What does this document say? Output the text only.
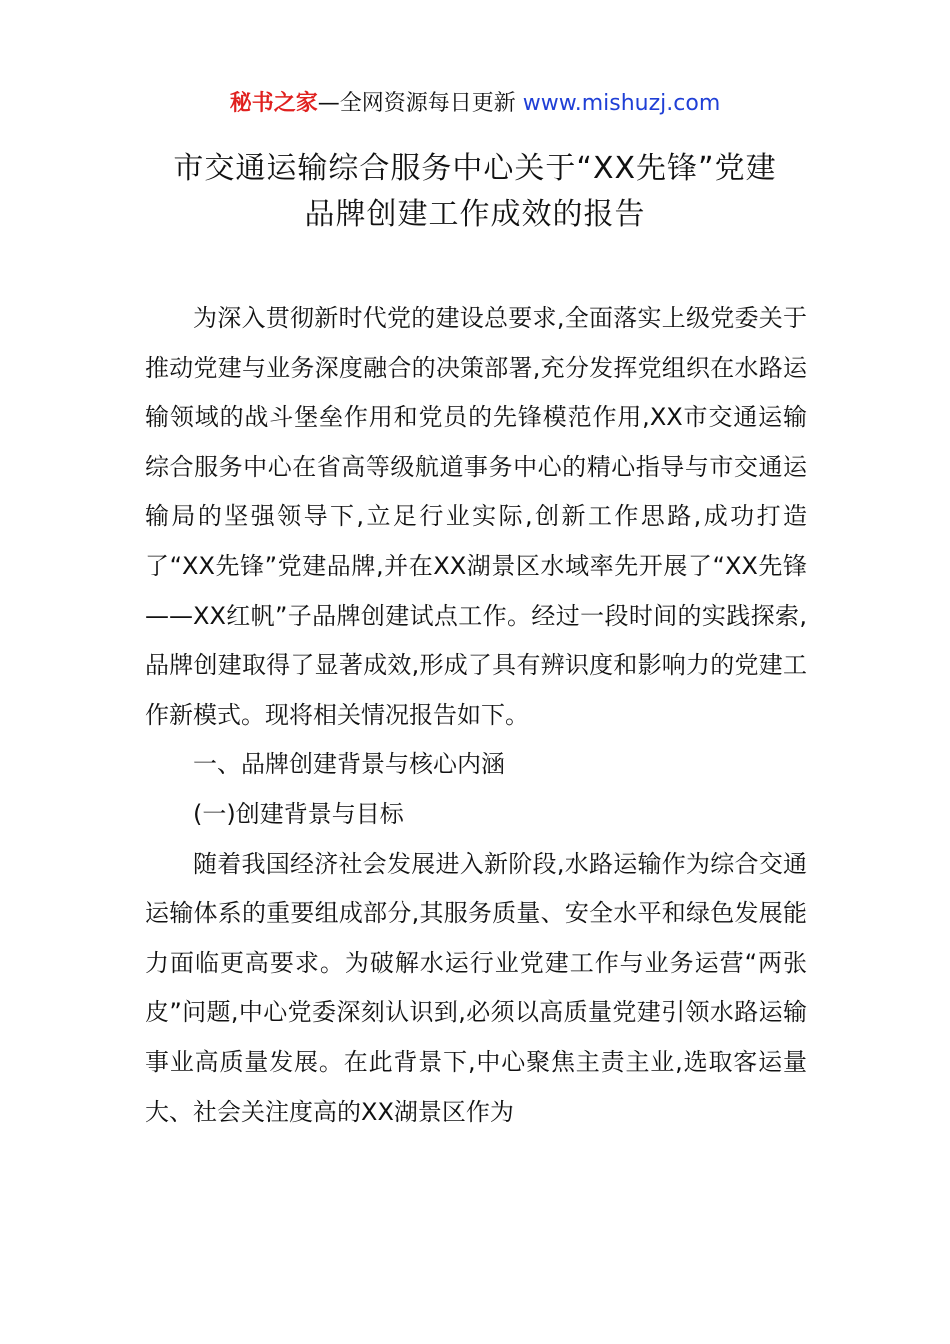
秘书之家—全网资源每日更新 www.mishuzj.com
市交通运输综合服务中心关于“XX先锋”党建
品牌创建工作成效的报告

为深入贯彻新时代党的建设总要求,全面落实上级党委关于推动党建与业务深度融合的决策部署,充分发挥党组织在水路运输领域的战斗堡垒作用和党员的先锋模范作用,XX市交通运输综合服务中心在省高等级航道事务中心的精心指导与市交通运输局的坚强领导下,立足行业实际,创新工作思路,成功打造了“XX先锋”党建品牌,并在XX湖景区水域率先开展了“XX先锋——XX红帆”子品牌创建试点工作。经过一段时间的实践探索,品牌创建取得了显著成效,形成了具有辨识度和影响力的党建工作新模式。现将相关情况报告如下。

一、品牌创建背景与核心内涵

(一)创建背景与目标

随着我国经济社会发展进入新阶段,水路运输作为综合交通运输体系的重要组成部分,其服务质量、安全水平和绿色发展能力面临更高要求。为破解水运行业党建工作与业务运营“两张皮”问题,中心党委深刻认识到,必须以高质量党建引领水路运输事业高质量发展。在此背景下,中心聚焦主责主业,选取客运量大、社会关注度高的XX湖景区作为
